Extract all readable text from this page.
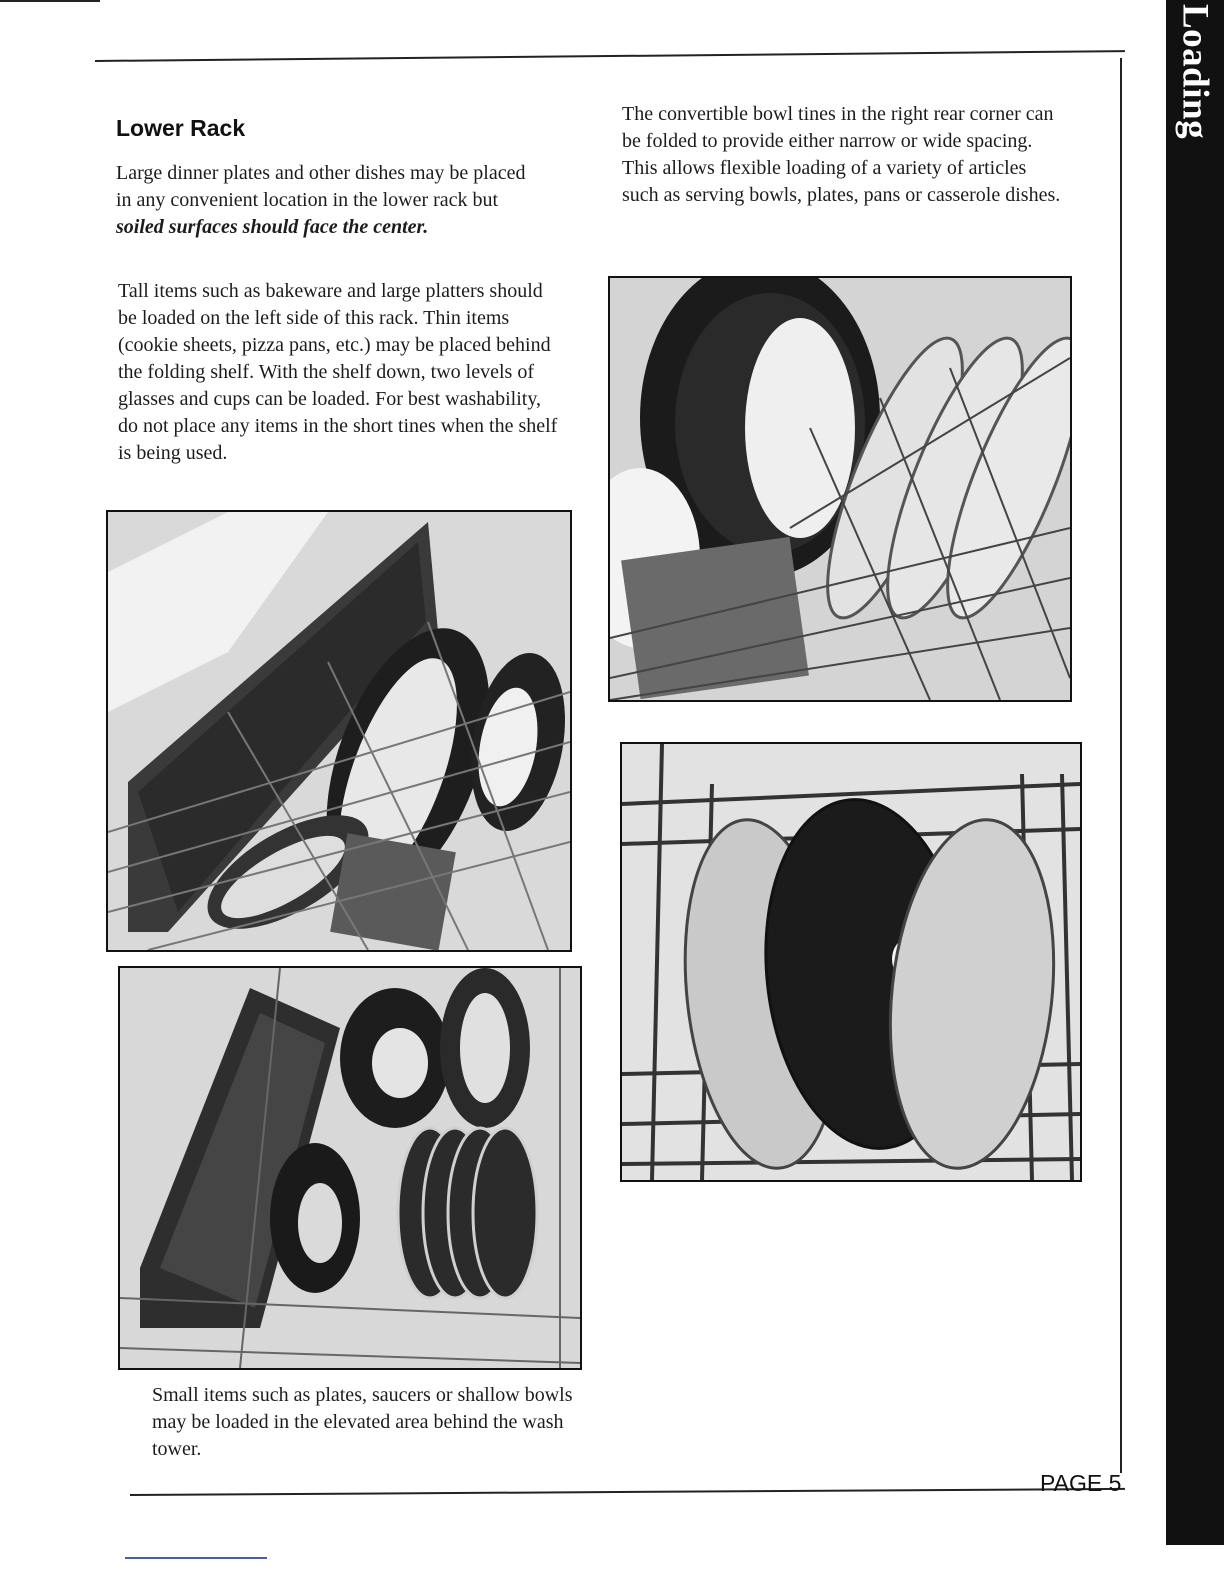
Loading
Lower Rack

Large dinner plates and other dishes may be placed in any convenient location in the lower rack but soiled surfaces should face the center.

Tall items such as bakeware and large platters should be loaded on the left side of this rack. Thin items (cookie sheets, pizza pans, etc.) may be placed behind the folding shelf. With the shelf down, two levels of glasses and cups can be loaded. For best washability, do not place any items in the short tines when the shelf is being used.

The convertible bowl tines in the right rear corner can be folded to provide either narrow or wide spacing. This allows flexible loading of a variety of articles such as serving bowls, plates, pans or casserole dishes.

Small items such as plates, saucers or shallow bowls may be loaded in the elevated area behind the wash tower.

PAGE 5
